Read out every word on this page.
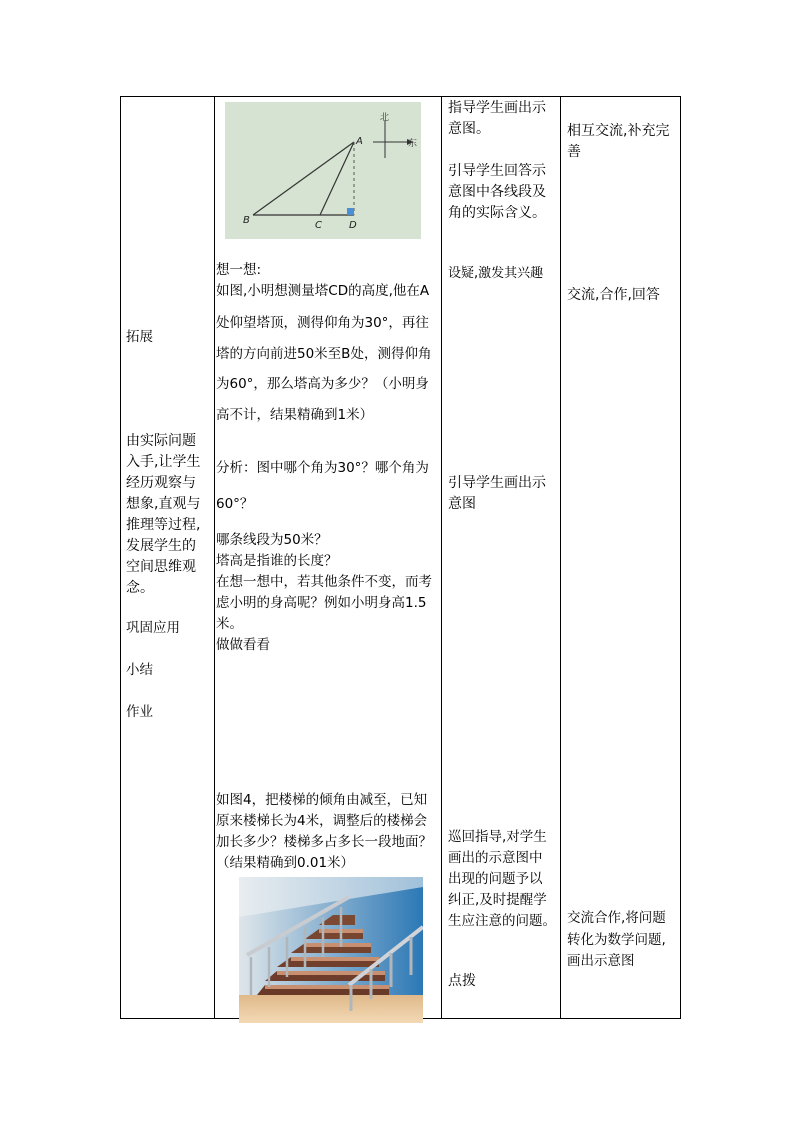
拓展
由实际问题
入手,让学生
经历观察与
想象,直观与
推理等过程,
发展学生的
空间思维观
念。
巩固应用
小结
作业
北
东
A
B	C	D
想一想:
如图,小明想测量塔CD的高度,他在A
处仰望塔顶，测得仰角为30°，再往
塔的方向前进50米至B处，测得仰角
为60°，那么塔高为多少？（小明身
高不计，结果精确到1米）
分析：图中哪个角为30°？哪个角为
60°？
哪条线段为50米？
塔高是指谁的长度？
在想一想中，若其他条件不变，而考
虑小明的身高呢？例如小明身高1.5
米。
做做看看
如图4，把楼梯的倾角由减至，已知
原来楼梯长为4米，调整后的楼梯会
加长多少？楼梯多占多长一段地面？
（结果精确到0.01米）
指导学生画出示
意图。
引导学生回答示
意图中各线段及
角的实际含义。
设疑,激发其兴趣
引导学生画出示
意图
巡回指导,对学生
画出的示意图中
出现的问题予以
纠正,及时提醒学
生应注意的问题。
点拨
相互交流,补充完
善
交流,合作,回答
交流合作,将问题
转化为数学问题,
画出示意图
